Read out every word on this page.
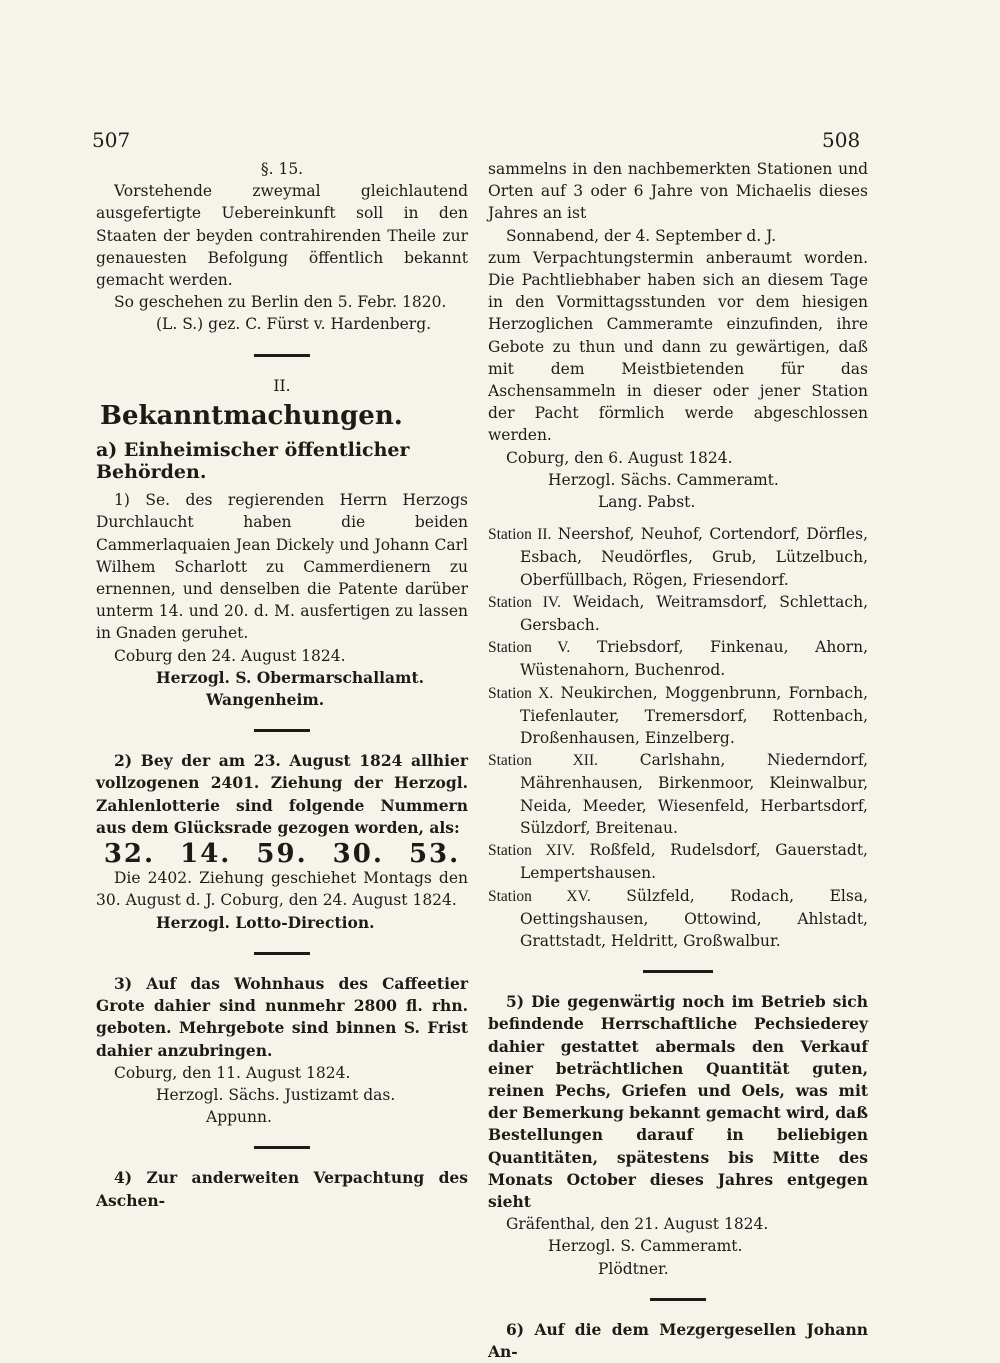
507	508

§. 15.

Vorstehende zweymal gleichlautend ausgefertigte Uebereinkunft soll in den Staaten der beyden contrahirenden Theile zur genauesten Befolgung öffentlich bekannt gemacht werden.

So geschehen zu Berlin den 5. Febr. 1820.

(L. S.) gez. C. Fürst v. Hardenberg.

II.

Bekanntmachungen.
a) Einheimischer öffentlicher Behörden.

1) Se. des regierenden Herrn Herzogs Durchlaucht haben die beiden Cammerlaquaien Jean Dickely und Johann Carl Wilhem Scharlott zu Cammerdienern zu ernennen, und denselben die Patente darüber unterm 14. und 20. d. M. ausfertigen zu lassen in Gnaden geruhet.

Coburg den 24. August 1824.

Herzogl. S. Obermarschallamt.

Wangenheim.

2) Bey der am 23. August 1824 allhier vollzogenen 2401. Ziehung der Herzogl. Zahlenlotterie sind folgende Nummern aus dem Glücksrade gezogen worden, als:

32. 14. 59. 30. 53.

Die 2402. Ziehung geschiehet Montags den 30. August d. J. Coburg, den 24. August 1824.

Herzogl. Lotto-Direction.

3) Auf das Wohnhaus des Caffeetier Grote dahier sind nunmehr 2800 fl. rhn. geboten. Mehrgebote sind binnen S. Frist dahier anzubringen.

Coburg, den 11. August 1824.

Herzogl. Sächs. Justizamt das.

Appunn.

4) Zur anderweiten Verpachtung des Aschen-

sammelns in den nachbemerkten Stationen und Orten auf 3 oder 6 Jahre von Michaelis dieses Jahres an ist

Sonnabend, der 4. September d. J.

zum Verpachtungstermin anberaumt worden. Die Pachtliebhaber haben sich an diesem Tage in den Vormittagsstunden vor dem hiesigen Herzoglichen Cammeramte einzufinden, ihre Gebote zu thun und dann zu gewärtigen, daß mit dem Meistbietenden für das Aschensammeln in dieser oder jener Station der Pacht förmlich werde abgeschlossen werden.

Coburg, den 6. August 1824.

Herzogl. Sächs. Cammeramt.

Lang. Pabst.

Station II. Neershof, Neuhof, Cortendorf, Dörfles, Esbach, Neudörfles, Grub, Lützelbuch, Oberfüllbach, Rögen, Friesendorf.

Station IV. Weidach, Weitramsdorf, Schlettach, Gersbach.

Station V. Triebsdorf, Finkenau, Ahorn, Wüstenahorn, Buchenrod.

Station X. Neukirchen, Moggenbrunn, Fornbach, Tiefenlauter, Tremersdorf, Rottenbach, Droßenhausen, Einzelberg.

Station XII.	Carlshahn, Niederndorf, Mährenhausen, Birkenmoor, Kleinwalbur, Neida, Meeder, Wiesenfeld, Herbartsdorf, Sülzdorf, Breitenau.

Station XIV. Roßfeld, Rudelsdorf, Gauerstadt, Lempertshausen.

Station XV. Sülzfeld, Rodach, Elsa, Oettingshausen, Ottowind, Ahlstadt, Grattstadt, Heldritt, Großwalbur.

5) Die gegenwärtig noch im Betrieb sich befindende Herrschaftliche Pechsiederey dahier gestattet abermals den Verkauf einer beträchtlichen Quantität guten, reinen Pechs, Griefen und Oels, was mit der Bemerkung bekannt gemacht wird, daß Bestellungen darauf in beliebigen Quantitäten, spätestens bis Mitte des Monats October dieses Jahres entgegen sieht

Gräfenthal, den 21. August 1824.

Herzogl. S. Cammeramt.

Plödtner.

6) Auf die dem Mezgergesellen Johann An-
